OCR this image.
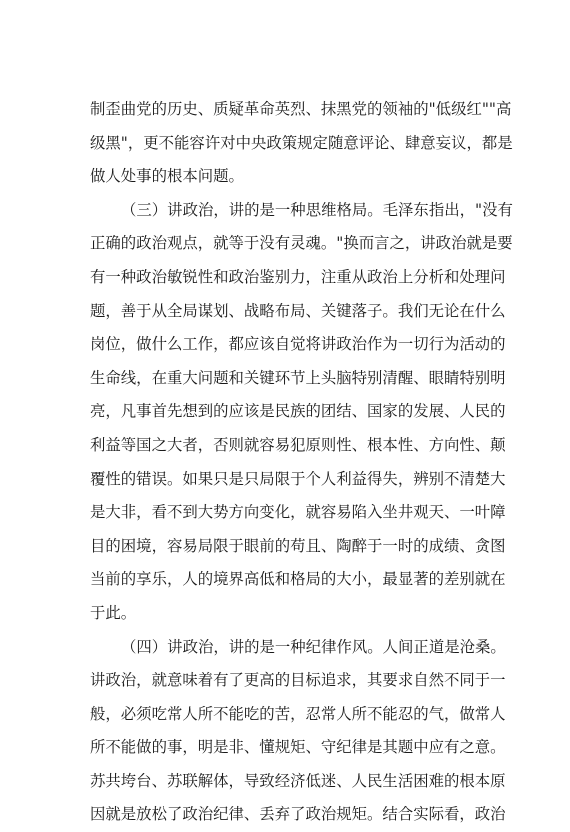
制歪曲党的历史、质疑革命英烈、抹黑党的领袖的"低级红""高
级黑"，更不能容许对中央政策规定随意评论、肆意妄议，都是
做人处事的根本问题。
（三）讲政治，讲的是一种思维格局。毛泽东指出，"没有
正确的政治观点，就等于没有灵魂。"换而言之，讲政治就是要
有一种政治敏锐性和政治鉴别力，注重从政治上分析和处理问
题，善于从全局谋划、战略布局、关键落子。我们无论在什么
岗位，做什么工作，都应该自觉将讲政治作为一切行为活动的
生命线，在重大问题和关键环节上头脑特别清醒、眼睛特别明
亮，凡事首先想到的应该是民族的团结、国家的发展、人民的
利益等国之大者，否则就容易犯原则性、根本性、方向性、颠
覆性的错误。如果只是只局限于个人利益得失，辨别不清楚大
是大非，看不到大势方向变化，就容易陷入坐井观天、一叶障
目的困境，容易局限于眼前的苟且、陶醉于一时的成绩、贪图
当前的享乐，人的境界高低和格局的大小，最显著的差别就在
于此。
（四）讲政治，讲的是一种纪律作风。人间正道是沧桑。
讲政治，就意味着有了更高的目标追求，其要求自然不同于一
般，必须吃常人所不能吃的苦，忍常人所不能忍的气，做常人
所不能做的事，明是非、懂规矩、守纪律是其题中应有之意。
苏共垮台、苏联解体，导致经济低迷、人民生活困难的根本原
因就是放松了政治纪律、丢弃了政治规矩。结合实际看，政治
